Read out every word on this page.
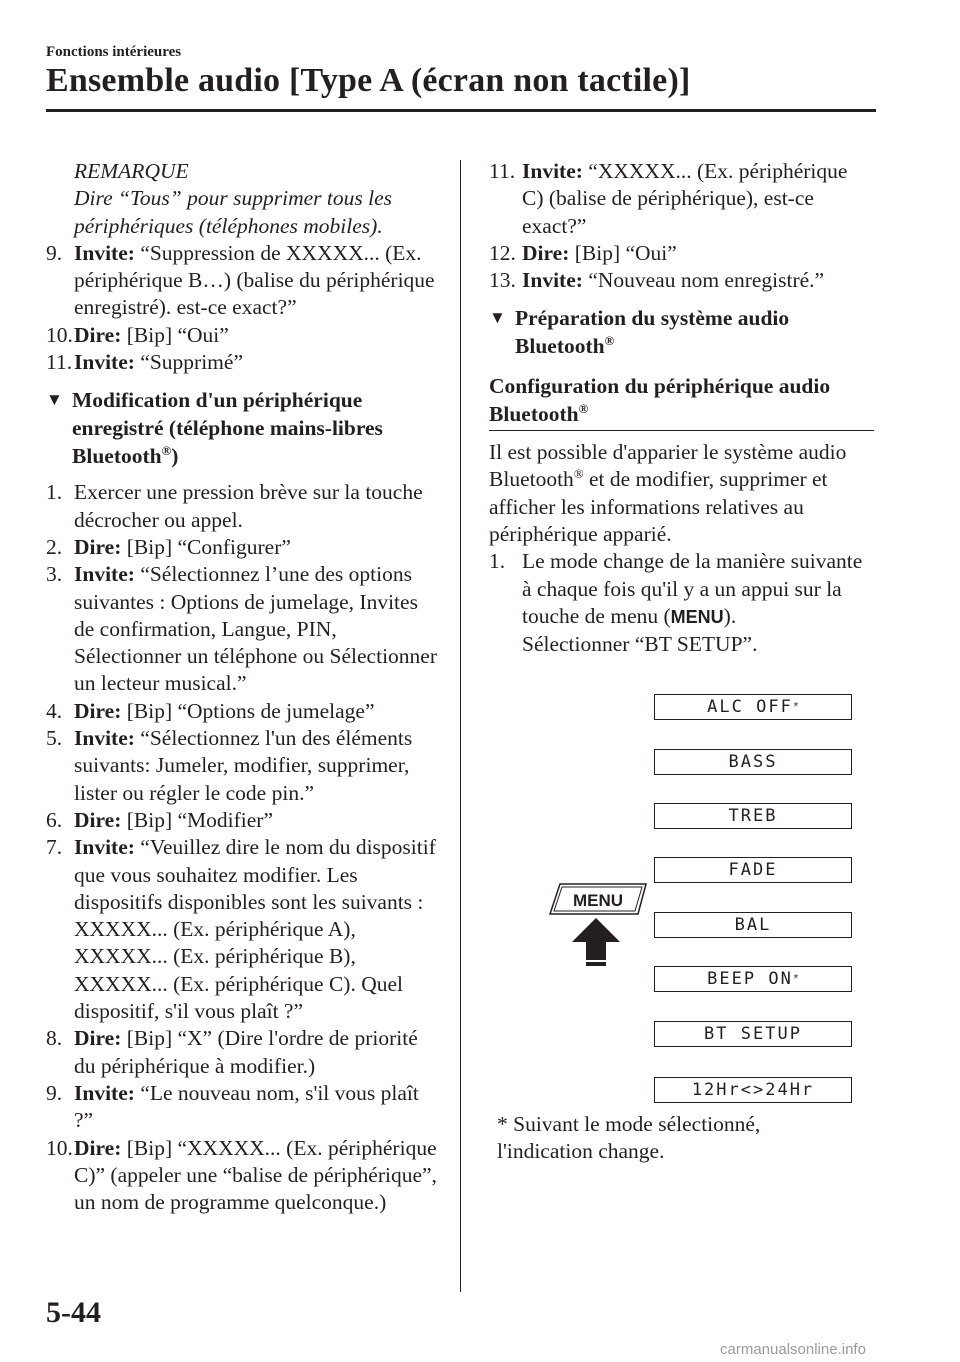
Fonctions intérieures
Ensemble audio [Type A (écran non tactile)]
REMARQUE
Dire “Tous” pour supprimer tous les
périphériques (téléphones mobiles).
9. Invite: “Suppression de XXXXX... (Ex. périphérique B…) (balise du périphérique enregistré). est-ce exact?”
10. Dire: [Bip] “Oui”
11. Invite: “Supprimé”
▼ Modification d'un périphérique enregistré (téléphone mains-libres Bluetooth®)
1. Exercer une pression brève sur la touche décrocher ou appel.
2. Dire: [Bip] “Configurer”
3. Invite: “Sélectionnez l’une des options suivantes : Options de jumelage, Invites de confirmation, Langue, PIN, Sélectionner un téléphone ou Sélectionner un lecteur musical.”
4. Dire: [Bip] “Options de jumelage”
5. Invite: “Sélectionnez l'un des éléments suivants: Jumeler, modifier, supprimer, lister ou régler le code pin.”
6. Dire: [Bip] “Modifier”
7. Invite: “Veuillez dire le nom du dispositif que vous souhaitez modifier. Les dispositifs disponibles sont les suivants : XXXXX... (Ex. périphérique A), XXXXX... (Ex. périphérique B), XXXXX... (Ex. périphérique C). Quel dispositif, s'il vous plaît ?”
8. Dire: [Bip] “X” (Dire l'ordre de priorité du périphérique à modifier.)
9. Invite: “Le nouveau nom, s'il vous plaît ?”
10. Dire: [Bip] “XXXXX... (Ex. périphérique C)” (appeler une “balise de périphérique”, un nom de programme quelconque.)
11. Invite: “XXXXX... (Ex. périphérique C) (balise de périphérique), est-ce exact?”
12. Dire: [Bip] “Oui”
13. Invite: “Nouveau nom enregistré.”
▼ Préparation du système audio Bluetooth®
Configuration du périphérique audio Bluetooth®
Il est possible d'apparier le système audio Bluetooth® et de modifier, supprimer et afficher les informations relatives au périphérique apparié.
1. Le mode change de la manière suivante à chaque fois qu'il y a un appui sur la touche de menu (MENU).
Sélectionner “BT SETUP”.
ALC OFF *
BASS
TREB
FADE
BAL
BEEP ON *
BT SETUP
12Hr<>24Hr
MENU
* Suivant le mode sélectionné,
l'indication change.
5-44
carmanualsonline.info
